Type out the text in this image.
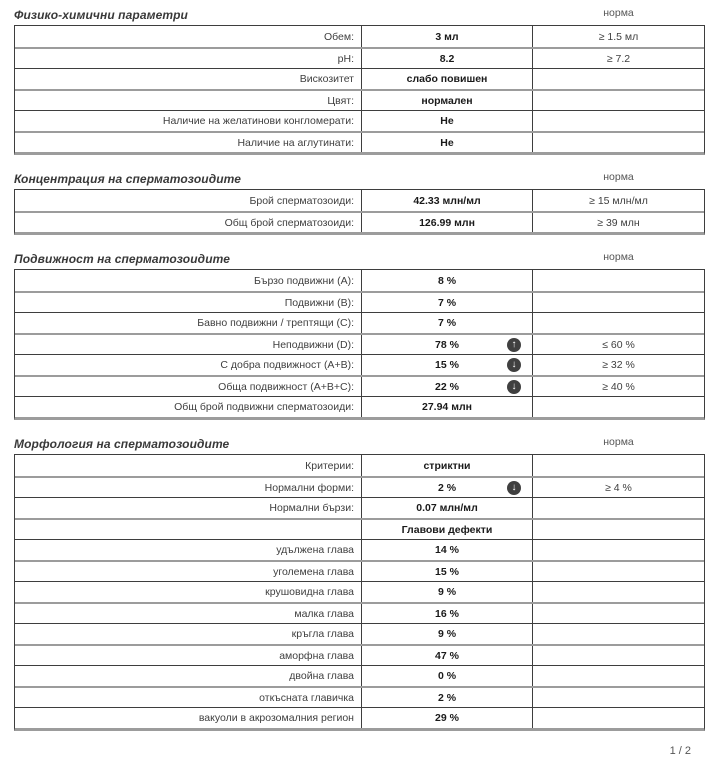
Физико-химични параметри	норма
Обем:	3 мл	≥ 1.5 мл
pH:	8.2	≥ 7.2
Вискозитет	слабо повишен
Цвят:	нормален
Наличие на желатинови конгломерати:	Не
Наличие на аглутинати:	Не
Концентрация на сперматозоидите	норма
Брой сперматозоиди:	42.33 млн/мл	≥ 15 млн/мл
Общ брой сперматозоиди:	126.99 млн	≥ 39 млн
Подвижност на сперматозоидите	норма
Бързо подвижни (A):	8 %
Подвижни (B):	7 %
Бавно подвижни / трептящи (C):	7 %
Неподвижни (D):	78 %	↑	≤ 60 %
С добра подвижност (A+B):	15 %	↓	≥ 32 %
Обща подвижност (A+B+C):	22 %	↓	≥ 40 %
Общ брой подвижни сперматозоиди:	27.94 млн
Морфология на сперматозоидите	норма
Критерии:	стриктни
Нормални форми:	2 %	↓	≥ 4 %
Нормални бързи:	0.07 млн/мл
Главови дефекти
удължена глава	14 %
уголемена глава	15 %
крушовидна глава	9 %
малка глава	16 %
кръгла глава	9 %
аморфна глава	47 %
двойна глава	0 %
откъсната главичка	2 %
вакуоли в акрозомалния регион	29 %
1 / 2
